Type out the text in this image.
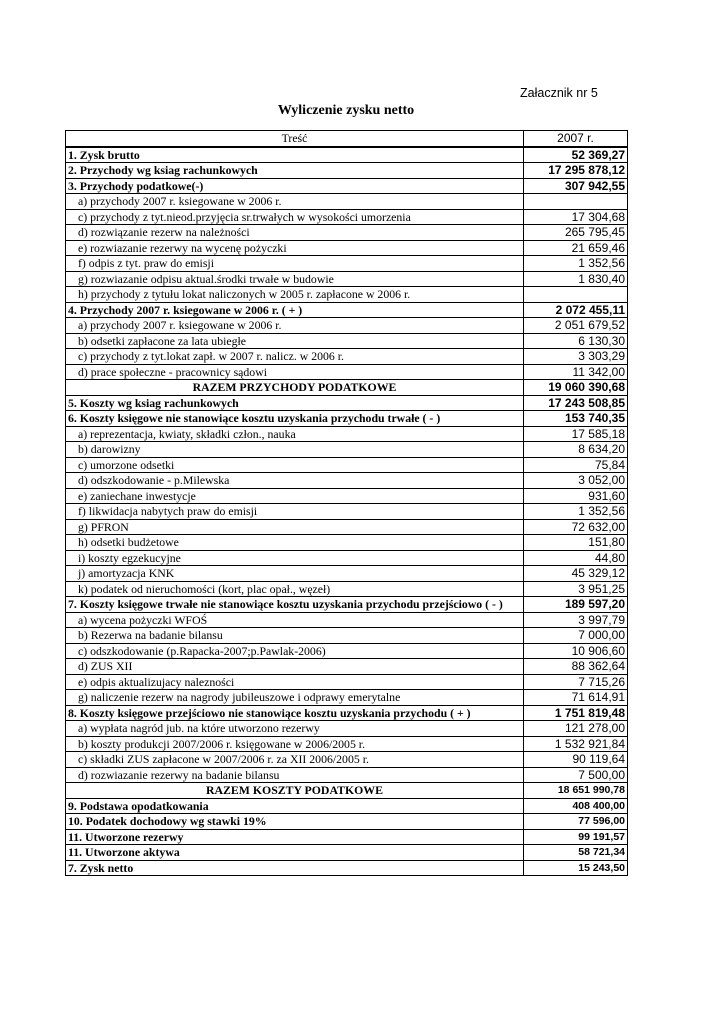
Załacznik nr 5
Wyliczenie zysku netto
Treść	2007 r.
1. Zysk brutto	52 369,27
2. Przychody wg ksiag rachunkowych	17 295 878,12
3. Przychody podatkowe(-)	307 942,55
a) przychody 2007 r. ksiegowane w 2006 r.	
c) przychody z tyt.nieod.przyjęcia sr.trwałych w wysokości umorzenia	17 304,68
d) rozwiązanie rezerw na należności	265 795,45
e) rozwiazanie rezerwy na wycenę pożyczki	21 659,46
f) odpis z tyt. praw do emisji	1 352,56
g) rozwiazanie odpisu aktual.środki trwałe w budowie	1 830,40
h) przychody z tytułu lokat naliczonych w 2005 r. zapłacone w 2006 r.	
4. Przychody 2007 r. ksiegowane w 2006 r. ( + )	2 072 455,11
a) przychody 2007 r. ksiegowane w 2006 r.	2 051 679,52
b) odsetki zapłacone za lata ubiegłe	6 130,30
c) przychody z tyt.lokat zapł. w 2007 r. nalicz. w 2006 r.	3 303,29
d) prace społeczne - pracownicy sądowi	11 342,00
RAZEM PRZYCHODY PODATKOWE	19 060 390,68
5. Koszty wg ksiag rachunkowych	17 243 508,85
6. Koszty księgowe nie stanowiące kosztu uzyskania przychodu trwałe ( - )	153 740,35
a) reprezentacja, kwiaty, składki człon., nauka	17 585,18
b) darowizny	8 634,20
c) umorzone odsetki	75,84
d) odszkodowanie - p.Milewska	3 052,00
e) zaniechane inwestycje	931,60
f) likwidacja nabytych praw do emisji	1 352,56
g) PFRON	72 632,00
h) odsetki budżetowe	151,80
i) koszty egzekucyjne	44,80
j) amortyzacja KNK	45 329,12
k) podatek od nieruchomości (kort, plac opał., węzeł)	3 951,25
7. Koszty księgowe trwałe nie stanowiące kosztu uzyskania przychodu przejściowo ( - )	189 597,20
a) wycena pożyczki WFOŚ	3 997,79
b) Rezerwa na badanie bilansu	7 000,00
c) odszkodowanie (p.Rapacka-2007;p.Pawlak-2006)	10 906,60
d) ZUS XII	88 362,64
e) odpis aktualizujacy nalezności	7 715,26
g) naliczenie rezerw na nagrody jubileuszowe i odprawy emerytalne	71 614,91
8. Koszty księgowe przejściowo nie stanowiące kosztu uzyskania przychodu ( + )	1 751 819,48
a) wypłata nagród jub. na które utworzono rezerwy	121 278,00
b) koszty produkcji 2007/2006 r. księgowane w 2006/2005 r.	1 532 921,84
c) składki ZUS zapłacone w 2007/2006 r. za XII 2006/2005 r.	90 119,64
d) rozwiazanie rezerwy na badanie bilansu	7 500,00
RAZEM KOSZTY PODATKOWE	18 651 990,78
9. Podstawa opodatkowania	408 400,00
10. Podatek dochodowy wg stawki 19%	77 596,00
11. Utworzone rezerwy	99 191,57
11. Utworzone aktywa	58 721,34
7. Zysk netto	15 243,50
